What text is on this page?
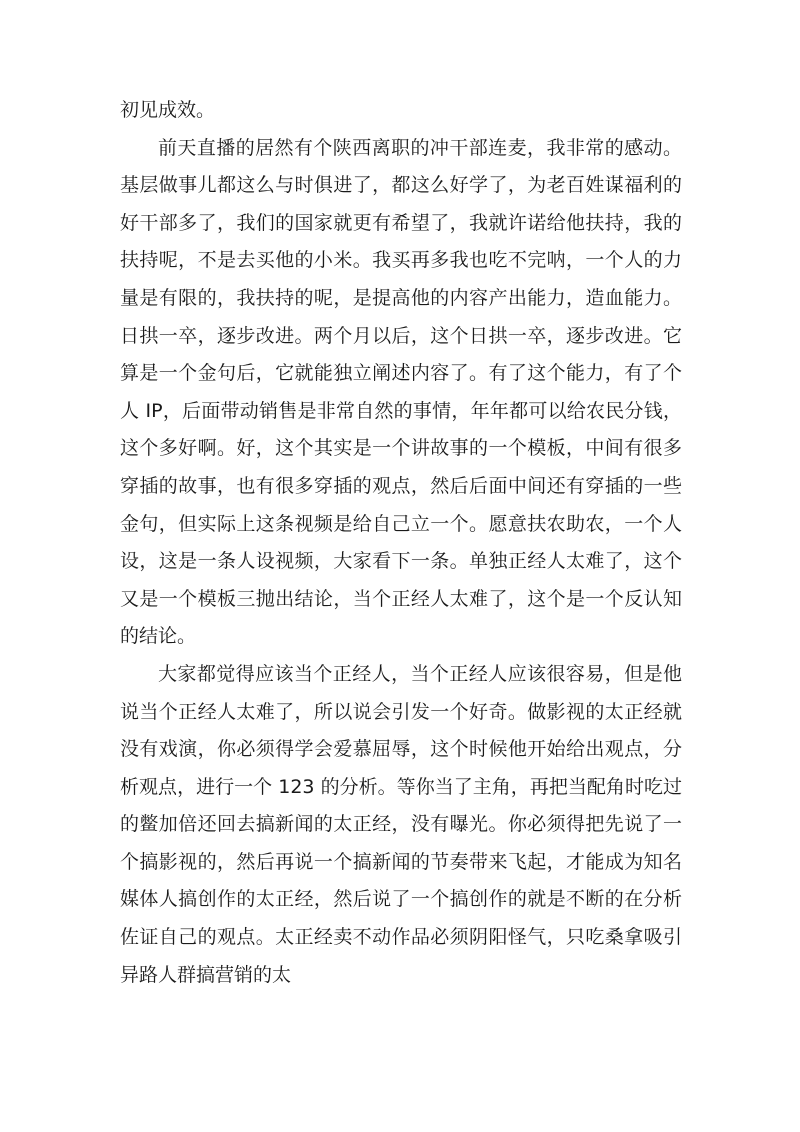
初见成效。

前天直播的居然有个陕西离职的冲干部连麦，我非常的感动。基层做事儿都这么与时俱进了，都这么好学了，为老百姓谋福利的好干部多了，我们的国家就更有希望了，我就许诺给他扶持，我的扶持呢，不是去买他的小米。我买再多我也吃不完呐，一个人的力量是有限的，我扶持的呢，是提高他的内容产出能力，造血能力。日拱一卒，逐步改进。两个月以后，这个日拱一卒，逐步改进。它算是一个金句后，它就能独立阐述内容了。有了这个能力，有了个人 IP，后面带动销售是非常自然的事情，年年都可以给农民分钱，这个多好啊。好，这个其实是一个讲故事的一个模板，中间有很多穿插的故事，也有很多穿插的观点，然后后面中间还有穿插的一些金句，但实际上这条视频是给自己立一个。愿意扶农助农，一个人设，这是一条人设视频，大家看下一条。单独正经人太难了，这个又是一个模板三抛出结论，当个正经人太难了，这个是一个反认知的结论。

大家都觉得应该当个正经人，当个正经人应该很容易，但是他说当个正经人太难了，所以说会引发一个好奇。做影视的太正经就没有戏演，你必须得学会爱慕屈辱，这个时候他开始给出观点，分析观点，进行一个 123 的分析。等你当了主角，再把当配角时吃过的鳖加倍还回去搞新闻的太正经，没有曝光。你必须得把先说了一个搞影视的，然后再说一个搞新闻的节奏带来飞起，才能成为知名媒体人搞创作的太正经，然后说了一个搞创作的就是不断的在分析佐证自己的观点。太正经卖不动作品必须阴阳怪气，只吃桑拿吸引异路人群搞营销的太
